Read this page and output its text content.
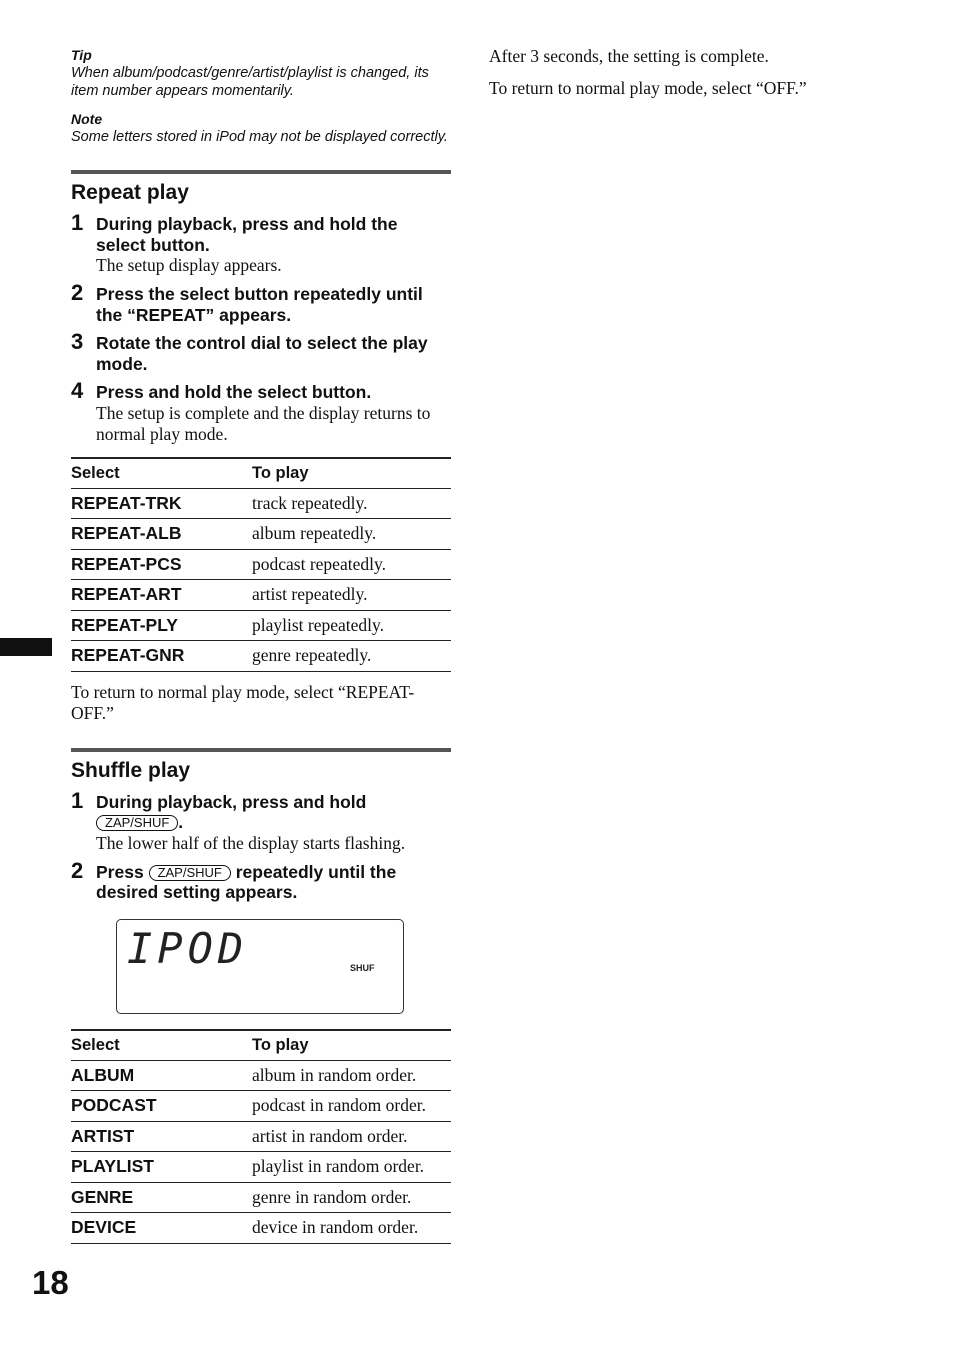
Tip
When album/podcast/genre/artist/playlist is changed, its item number appears momentarily.
Note
Some letters stored in iPod may not be displayed correctly.
Repeat play
1 During playback, press and hold the select button.
The setup display appears.
2 Press the select button repeatedly until the “REPEAT” appears.
3 Rotate the control dial to select the play mode.
4 Press and hold the select button.
The setup is complete and the display returns to normal play mode.
Select	To play
REPEAT-TRK	track repeatedly.
REPEAT-ALB	album repeatedly.
REPEAT-PCS	podcast repeatedly.
REPEAT-ART	artist repeatedly.
REPEAT-PLY	playlist repeatedly.
REPEAT-GNR	genre repeatedly.
To return to normal play mode, select “REPEAT-OFF.”
Shuffle play
1 During playback, press and hold
ZAP/SHUF .
The lower half of the display starts flashing.
2 Press ZAP/SHUF repeatedly until the desired setting appears.
IPOD	SHUF
Select	To play
ALBUM	album in random order.
PODCAST	podcast in random order.
ARTIST	artist in random order.
PLAYLIST	playlist in random order.
GENRE	genre in random order.
DEVICE	device in random order.
After 3 seconds, the setting is complete.
To return to normal play mode, select “OFF.”
18
